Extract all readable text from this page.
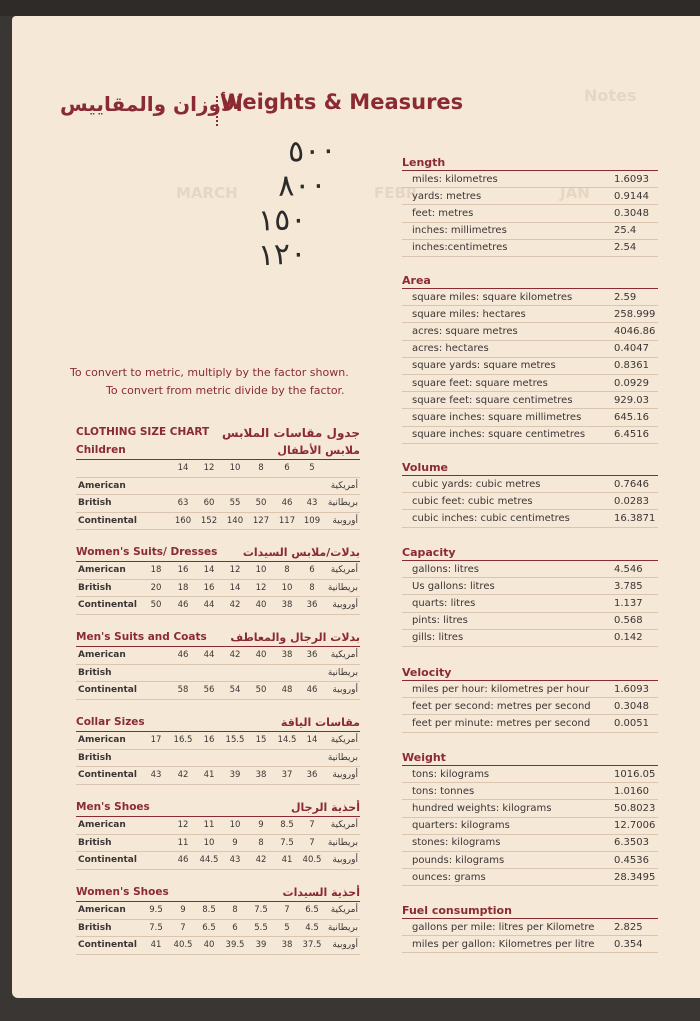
Notes
MARCH	FEBR	JAN
الأوزان والمقاييس
Weights & Measures
٥٠٠
٨٠٠
١٥٠
١٢٠
To convert to metric, multiply by the factor shown.
To convert from metric divide by the factor.
Length
miles: kilometres	1.6093
yards: metres	0.9144
feet: metres	0.3048
inches: millimetres	25.4
inches:centimetres	2.54
Area
square miles: square kilometres	2.59
square miles: hectares	258.999
acres: square metres	4046.86
acres: hectares	0.4047
square yards: square metres	0.8361
square feet: square metres	0.0929
square feet: square centimetres	929.03
square inches: square millimetres	645.16
square inches: square centimetres	6.4516
Volume
cubic yards: cubic metres	0.7646
cubic feet: cubic metres	0.0283
cubic inches: cubic centimetres	16.3871
Capacity
gallons: litres	4.546
Us gallons: litres	3.785
quarts: litres	1.137
pints: litres	0.568
gills: litres	0.142
Velocity
miles per hour: kilometres per hour	1.6093
feet per second: metres per second	0.3048
feet per minute: metres per second	0.0051
Weight
tons: kilograms	1016.05
tons: tonnes	1.0160
hundred weights: kilograms	50.8023
quarters: kilograms	12.7006
stones: kilograms	6.3503
pounds: kilograms	0.4536
ounces: grams	28.3495
Fuel consumption
gallons per mile: litres per Kilometre	2.825
miles per gallon: Kilometres per litre	0.354
CLOTHING SIZE CHART جدول مقاسات الملابس
Children	ملابس الأطفال
14	12	10	8	6	5
American	أمريكية
British	63	60	55	50	46	43	بريطانية
Continental	160	152	140	127	117	109	أوروبية
Women's Suits/ Dresses بدلات/ملابس السيدات
American	18	16	14	12	10	8	6	أمريكية
British	20	18	16	14	12	10	8	بريطانية
Continental	50	46	44	42	40	38	36	أوروبية
Men's Suits and Coats بدلات الرجال والمعاطف
American	46	44	42	40	38	36	أمريكية
British	بريطانية
Continental	58	56	54	50	48	46	أوروبية
Collar Sizes	مقاسات الياقة
American	17	16.5	16	15.5	15	14.5	14	أمريكية
British	بريطانية
Continental	43	42	41	39	38	37	36	أوروبية
Men's Shoes	أحذية الرجال
American	12	11	10	9	8.5	7	أمريكية
British	11	10	9	8	7.5	7	بريطانية
Continental	46	44.5	43	42	41	40.5 أوروبية
Women's Shoes	أحذية السيدات
American	9.5	9	8.5	8	7.5	7	6.5	أمريكية
British	7.5	7	6.5	6	5.5	5	4.5	بريطانية
Continental	41	40.5	40	39.5	39	38	37.5 أوروبية
